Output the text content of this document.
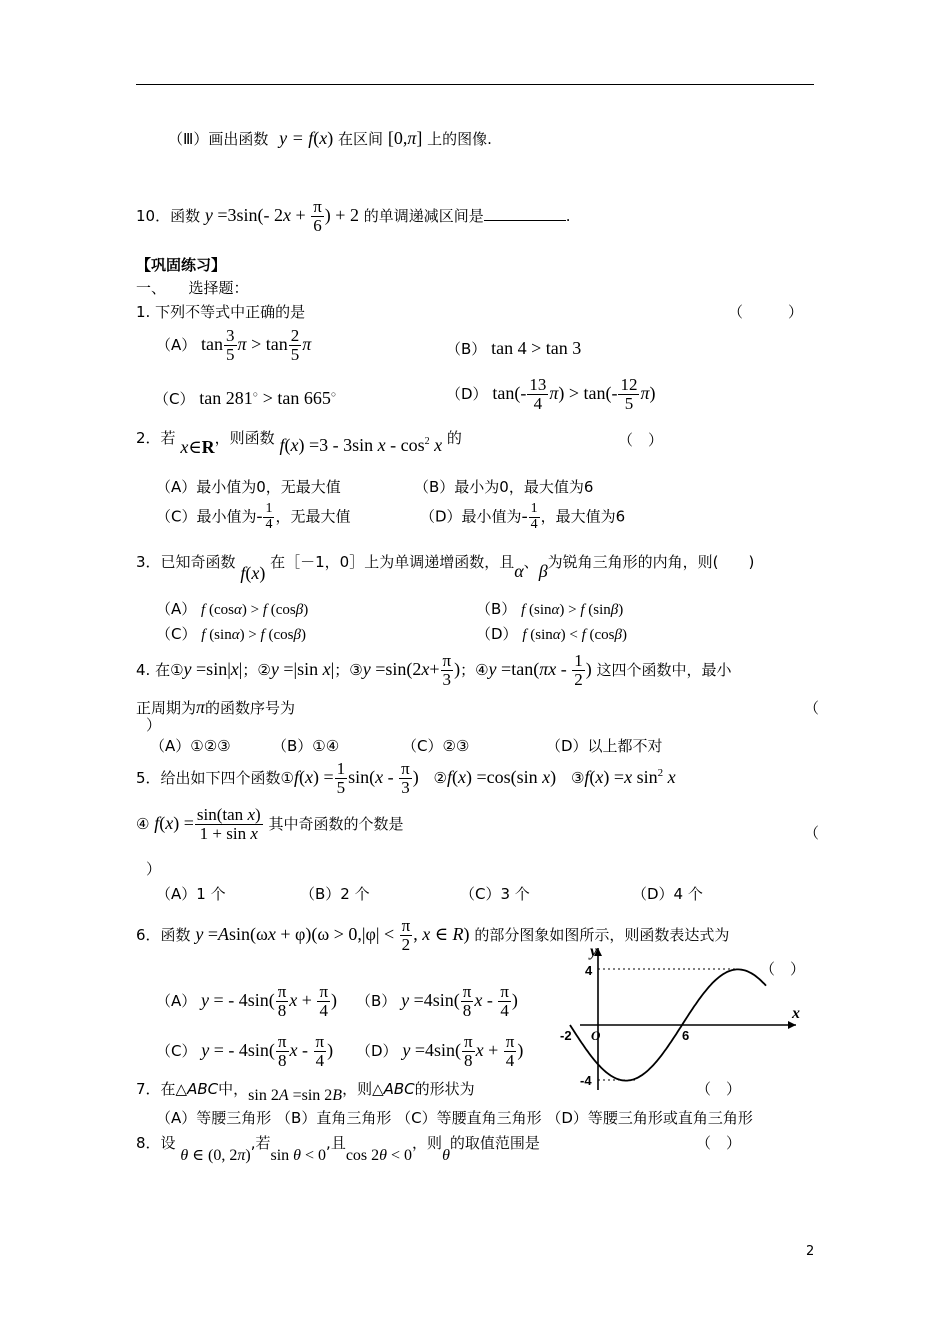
（Ⅲ）画出函数 y = f(x) 在区间 [0,π] 上的图像.
10．函数 y =3sin(- $2x + \frac{\pi}{6}$ ) + 2 的单调递减区间是	.
【巩固练习】
一、　　选择题：
1. 下列不等式中正确的是	（　　　）
（A） $\tan \frac{3}{5}$ $\pi > \tan \frac{2}{5}$ π	（B） tan 4 > tan 3
（C） tan 281○ > tan 665○	（D） $\tan(- \frac{13}{4} \pi) > \tan(- \frac{12}{5} \pi)$
2．若 x∈R，则函数 f(x) =3 - 3sin x - $\cos^2 x$ 的	（　）
（A）最小值为0，无最大值	（B）最小为0，最大值为6
（C）最小值为- $\frac{1}{4}$ ，无最大值	（D）最小值为- $\frac{1}{4}$ ，最大值为6
3．已知奇函数 f(x) 在［－1，0］上为单调递增函数，且α、β为锐角三角形的内角，则(　　)
（A） f (cosα) > f (cosβ)	（B） f (sinα) > f (sinβ)
（C） f (sinα) > f (cosβ)	（D） f (sinα) < f (cosβ)
4. 在①y =sin|x|；②y =|sin x|；③y $=\sin(2x+ \frac{\pi}{3}$ )；④y $=\tan(\pi x - \frac{1}{2}$ ) 这四个函数中，最小
正周期为π的函数序号为	（
）
（A）①②③	（B）①④	（C）②③	（D）以上都不对
5．给出如下四个函数①f(x) = $\frac{1}{5} \sin(x - \frac{\pi}{3}$ ) ②f(x) =cos(sin x) ③f(x) =x $\sin^2 x$
④ $f(x) = \frac{\text{sin(tan x)}}{\text{1 + sin x}}$ 其中奇函数的个数是
（
）
（A）1 个	（B）2 个	（C）3 个	（D）4 个
6．函数 $y =Asin(\omega x + \varphi)(\omega > 0,|\varphi| < \frac{\pi}{2}$ , x ∈ R) 的部分图象如图所示，则函数表达式为
（　）
（A） y = - $4\sin( \frac{\pi}{8}$ $x + \frac{\pi}{4}$ ) （B） $y =4\sin( \frac{\pi}{8}$ x - $\frac{\pi}{4}$ )
（C） y = - $4\sin( \frac{\pi}{8}$ x - $\frac{\pi}{4}$ ) （D） $y =4\sin( \frac{\pi}{8}$ $x + \frac{\pi}{4}$ )
y
x
4
-4
-2 O	6
7．在△ABC中，sin 2A =sin 2B，则△ABC的形状为	（　）
（A）等腰三角形 （B）直角三角形 （C）等腰直角三角形 （D）等腰三角形或直角三角形
8．设 θ ∈ (0, 2π),若sin θ < 0,且cos 2θ < 0，则θ的取值范围是	（　）
2
